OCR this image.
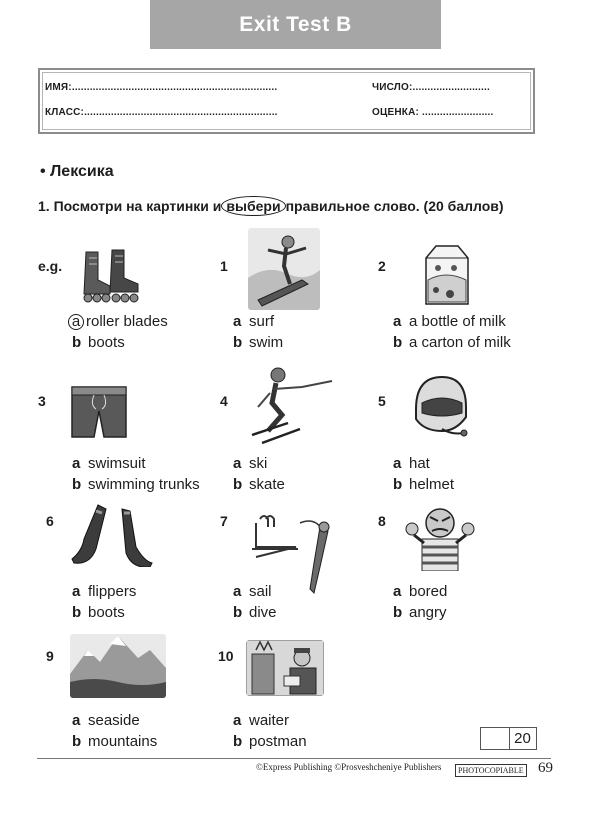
Exit Test B
ИМЯ:.....................................................................	ЧИСЛО:..........................
КЛАСС:.................................................................	ОЦЕНКА: ........................
• Лексика
1. Посмотри на картинки и выбери правильное слово. (20 баллов)
e.g.
a roller blades
b boots
1
a surf
b swim
2
a a bottle of milk
b a carton of milk
3
a swimsuit
b swimming trunks
4
a ski
b skate
5
a hat
b helmet
6
a flippers
b boots
7
a sail
b dive
8
a bored
b angry
9
a seaside
b mountains
10
a waiter
b postman	20
©Express Publishing ©Prosveshcheniye Publishers	PHOTOCOPIABLE 69
